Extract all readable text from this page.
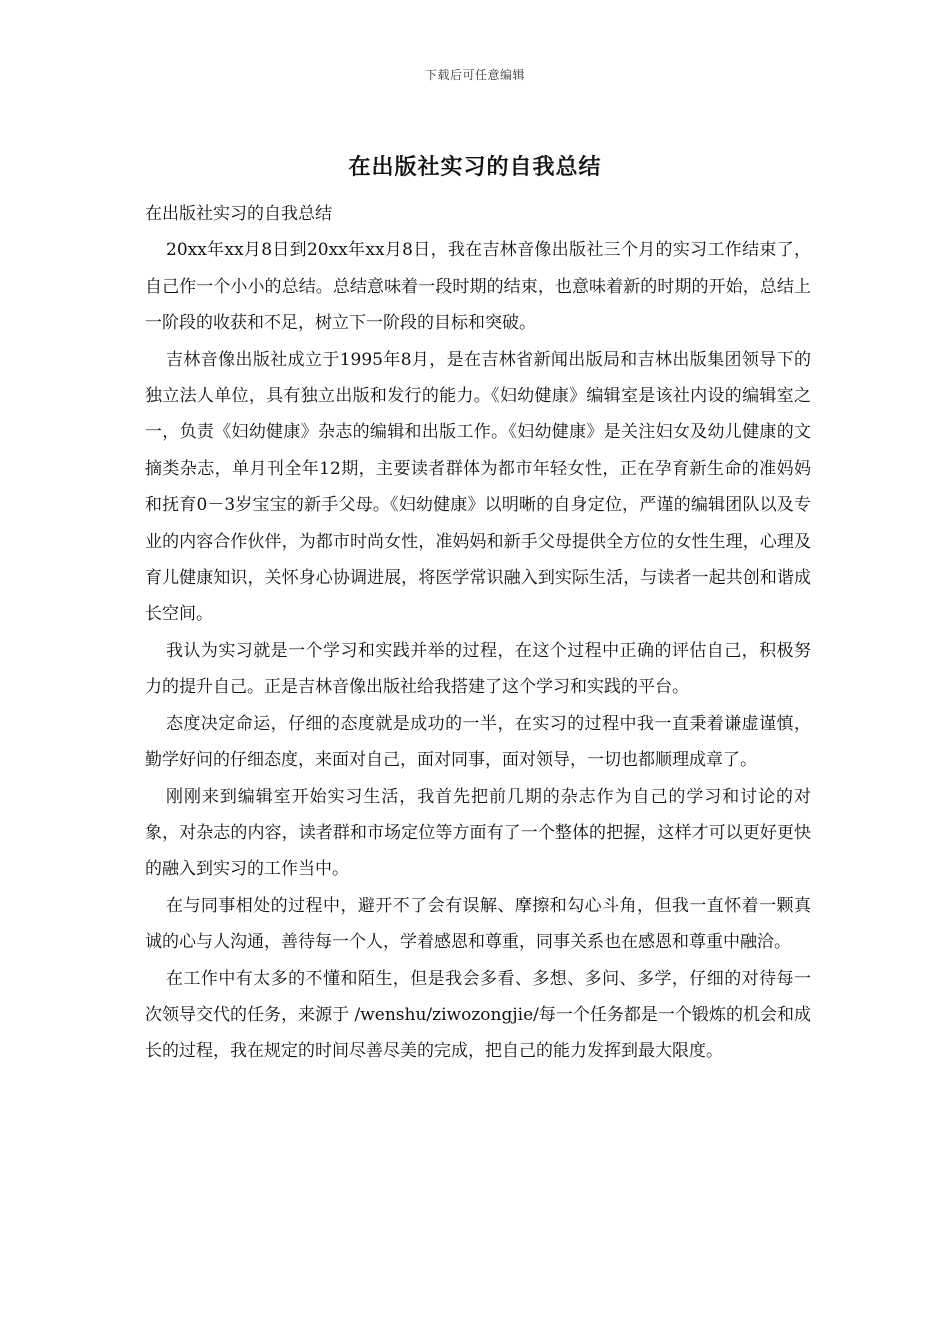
下载后可任意编辑
在出版社实习的自我总结

在出版社实习的自我总结

20xx年xx月8日到20xx年xx月8日，我在吉林音像出版社三个月的实习工作结束了，自己作一个小小的总结。总结意味着一段时期的结束，也意味着新的时期的开始，总结上一阶段的收获和不足，树立下一阶段的目标和突破。

吉林音像出版社成立于1995年8月，是在吉林省新闻出版局和吉林出版集团领导下的独立法人单位，具有独立出版和发行的能力。《妇幼健康》编辑室是该社内设的编辑室之一，负责《妇幼健康》杂志的编辑和出版工作。《妇幼健康》是关注妇女及幼儿健康的文摘类杂志，单月刊全年12期，主要读者群体为都市年轻女性，正在孕育新生命的准妈妈和抚育0－3岁宝宝的新手父母。《妇幼健康》以明晰的自身定位，严谨的编辑团队以及专业的内容合作伙伴，为都市时尚女性，准妈妈和新手父母提供全方位的女性生理，心理及育儿健康知识，关怀身心协调进展，将医学常识融入到实际生活，与读者一起共创和谐成长空间。

我认为实习就是一个学习和实践并举的过程，在这个过程中正确的评估自己，积极努力的提升自己。正是吉林音像出版社给我搭建了这个学习和实践的平台。

态度决定命运，仔细的态度就是成功的一半，在实习的过程中我一直秉着谦虚谨慎，勤学好问的仔细态度，来面对自己，面对同事，面对领导，一切也都顺理成章了。

刚刚来到编辑室开始实习生活，我首先把前几期的杂志作为自己的学习和讨论的对象，对杂志的内容，读者群和市场定位等方面有了一个整体的把握，这样才可以更好更快的融入到实习的工作当中。

在与同事相处的过程中，避开不了会有误解、摩擦和勾心斗角，但我一直怀着一颗真诚的心与人沟通，善待每一个人，学着感恩和尊重，同事关系也在感恩和尊重中融洽。

在工作中有太多的不懂和陌生，但是我会多看、多想、多问、多学，仔细的对待每一次领导交代的任务，来源于 /wenshu/ziwozongjie/每一个任务都是一个锻炼的机会和成长的过程，我在规定的时间尽善尽美的完成，把自己的能力发挥到最大限度。
